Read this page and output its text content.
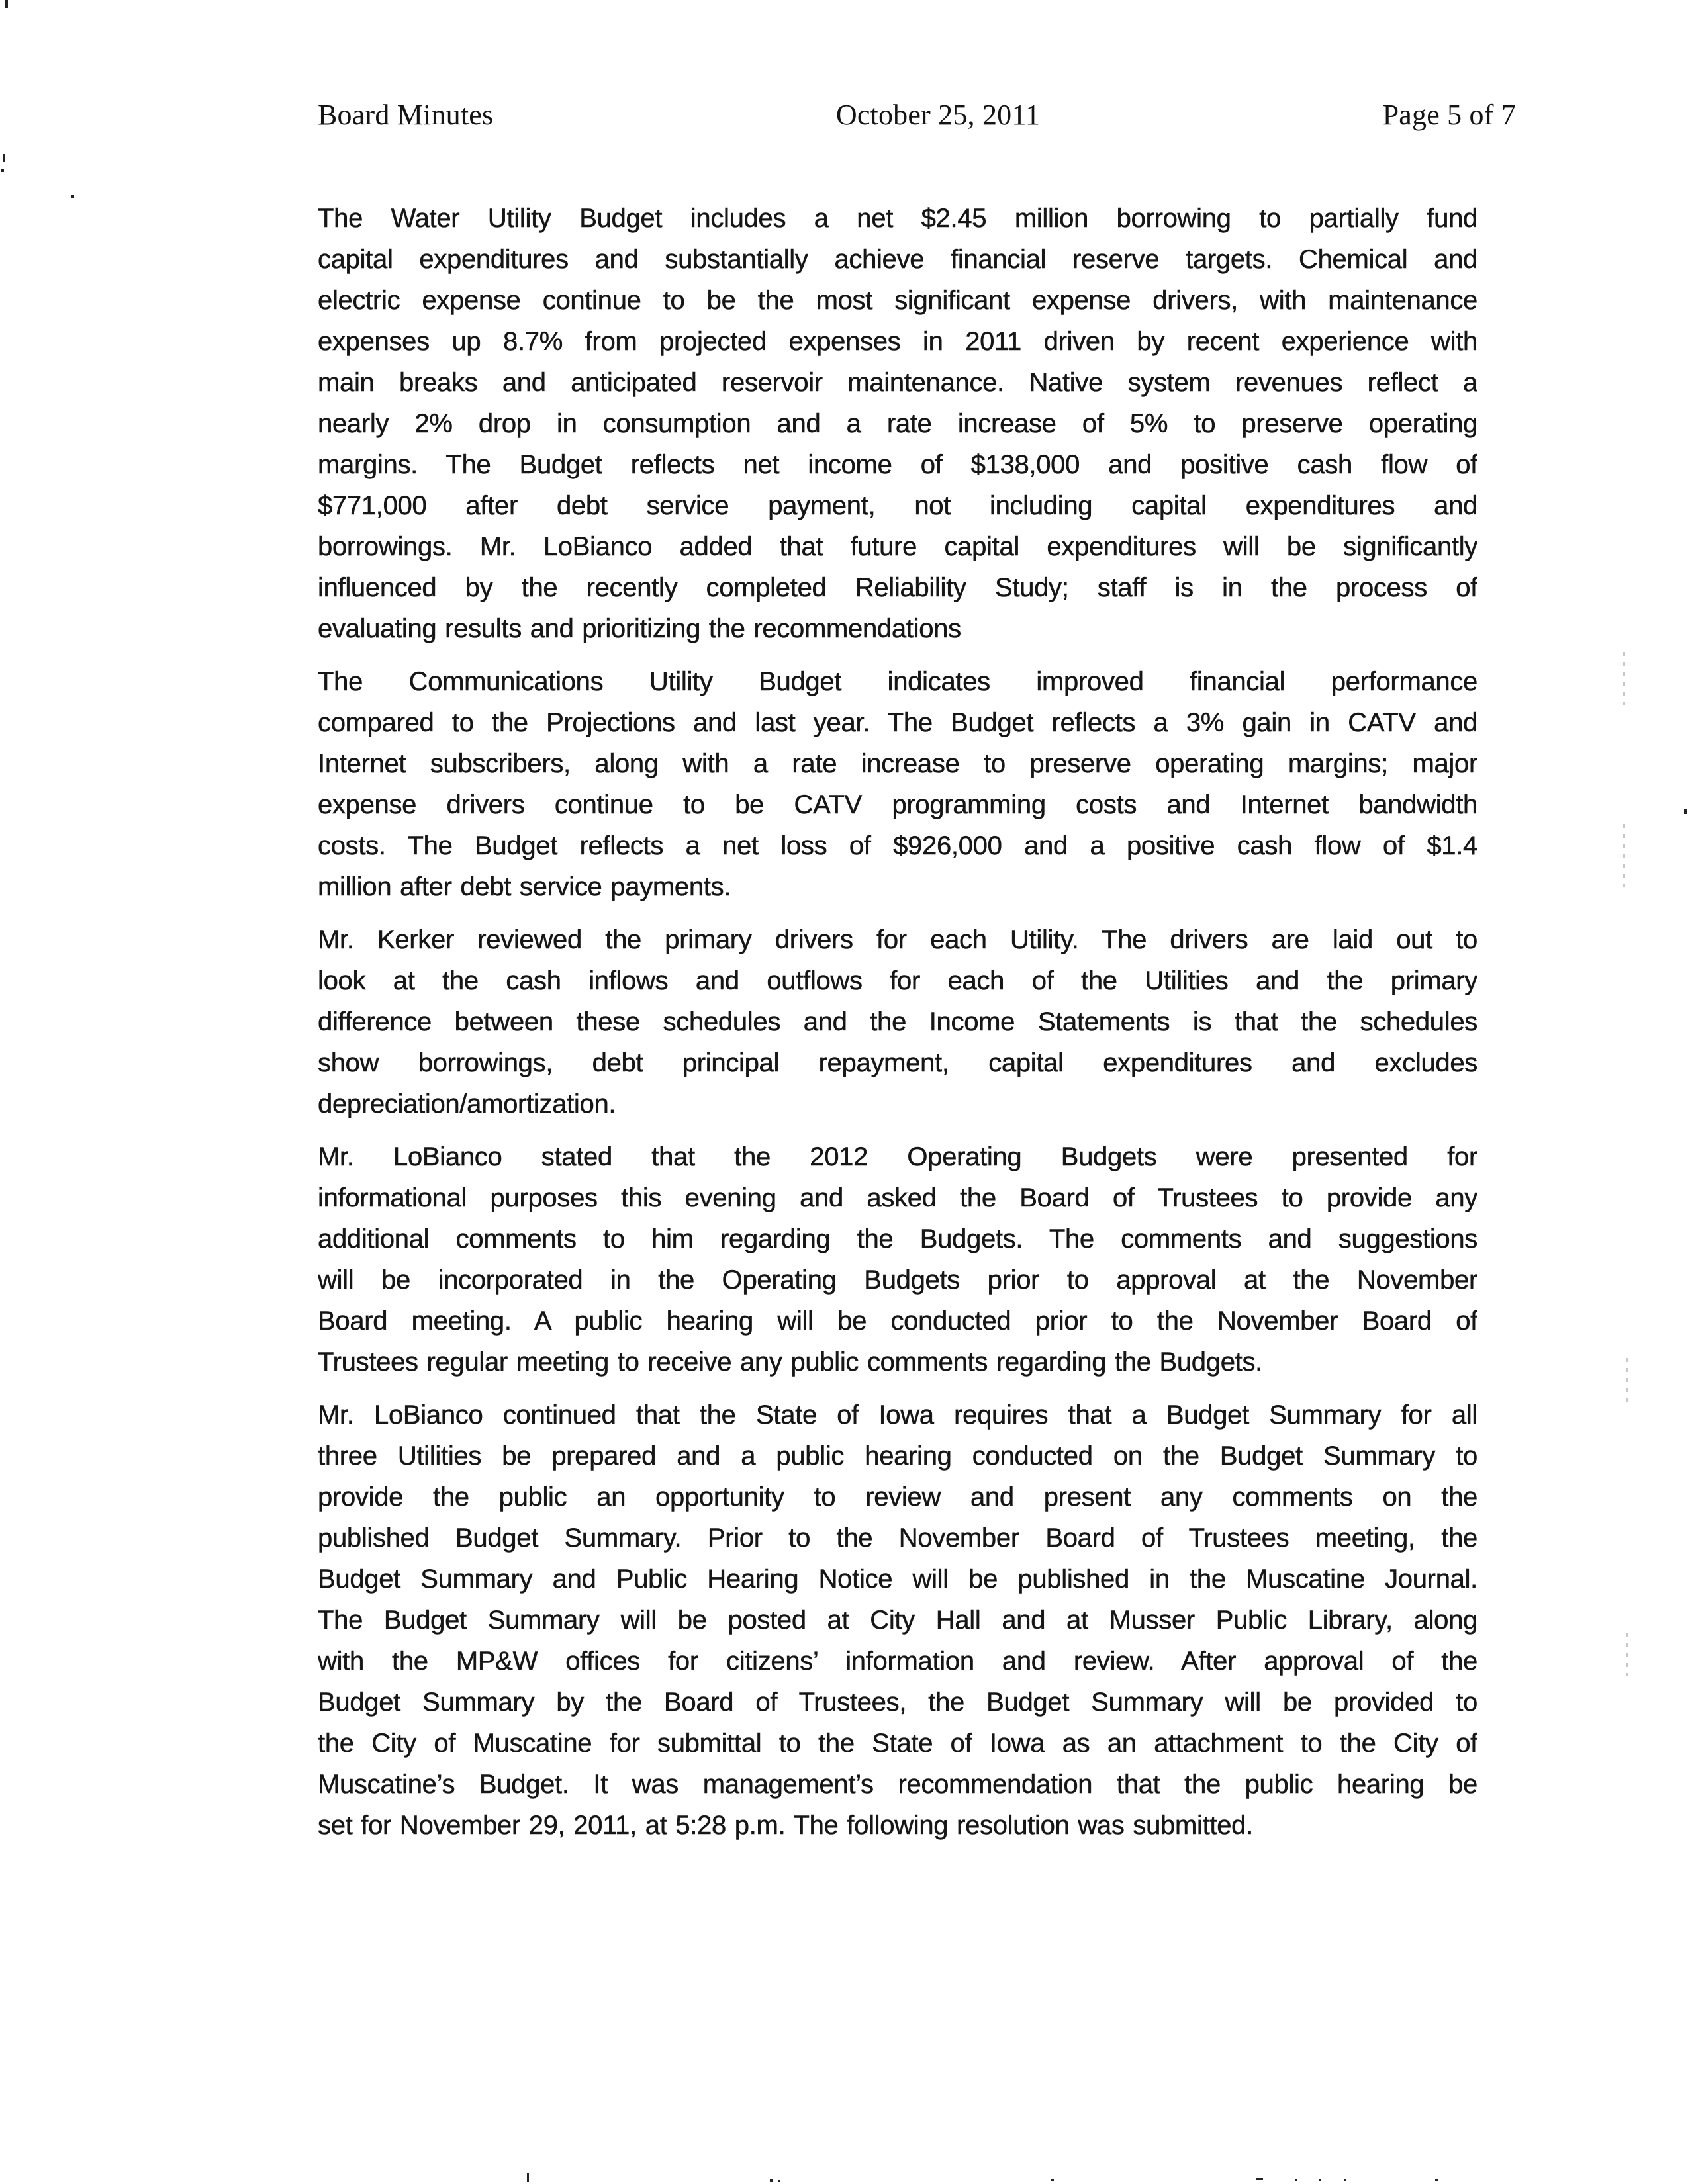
Board Minutes	October 25, 2011	Page 5 of 7
The Water Utility Budget includes a net $2.45 million borrowing to partially fund
capital expenditures and substantially achieve financial reserve targets. Chemical and
electric expense continue to be the most significant expense drivers, with maintenance
expenses up 8.7% from projected expenses in 2011 driven by recent experience with
main breaks and anticipated reservoir maintenance. Native system revenues reflect a
nearly 2% drop in consumption and a rate increase of 5% to preserve operating
margins. The Budget reflects net income of $138,000 and positive cash flow of
$771,000 after debt service payment, not including capital expenditures and
borrowings. Mr. LoBianco added that future capital expenditures will be significantly
influenced by the recently completed Reliability Study; staff is in the process of
evaluating results and prioritizing the recommendations
The Communications Utility Budget indicates improved financial performance
compared to the Projections and last year. The Budget reflects a 3% gain in CATV and
Internet subscribers, along with a rate increase to preserve operating margins; major
expense drivers continue to be CATV programming costs and Internet bandwidth
costs. The Budget reflects a net loss of $926,000 and a positive cash flow of $1.4
million after debt service payments.
Mr. Kerker reviewed the primary drivers for each Utility. The drivers are laid out to
look at the cash inflows and outflows for each of the Utilities and the primary
difference between these schedules and the Income Statements is that the schedules
show borrowings, debt principal repayment, capital expenditures and excludes
depreciation/amortization.
Mr. LoBianco stated that the 2012 Operating Budgets were presented for
informational purposes this evening and asked the Board of Trustees to provide any
additional comments to him regarding the Budgets. The comments and suggestions
will be incorporated in the Operating Budgets prior to approval at the November
Board meeting. A public hearing will be conducted prior to the November Board of
Trustees regular meeting to receive any public comments regarding the Budgets.
Mr. LoBianco continued that the State of Iowa requires that a Budget Summary for all
three Utilities be prepared and a public hearing conducted on the Budget Summary to
provide the public an opportunity to review and present any comments on the
published Budget Summary. Prior to the November Board of Trustees meeting, the
Budget Summary and Public Hearing Notice will be published in the Muscatine Journal.
The Budget Summary will be posted at City Hall and at Musser Public Library, along
with the MP&W offices for citizens’ information and review. After approval of the
Budget Summary by the Board of Trustees, the Budget Summary will be provided to
the City of Muscatine for submittal to the State of Iowa as an attachment to the City of
Muscatine’s Budget. It was management’s recommendation that the public hearing be
set for November 29, 2011, at 5:28 p.m. The following resolution was submitted.
